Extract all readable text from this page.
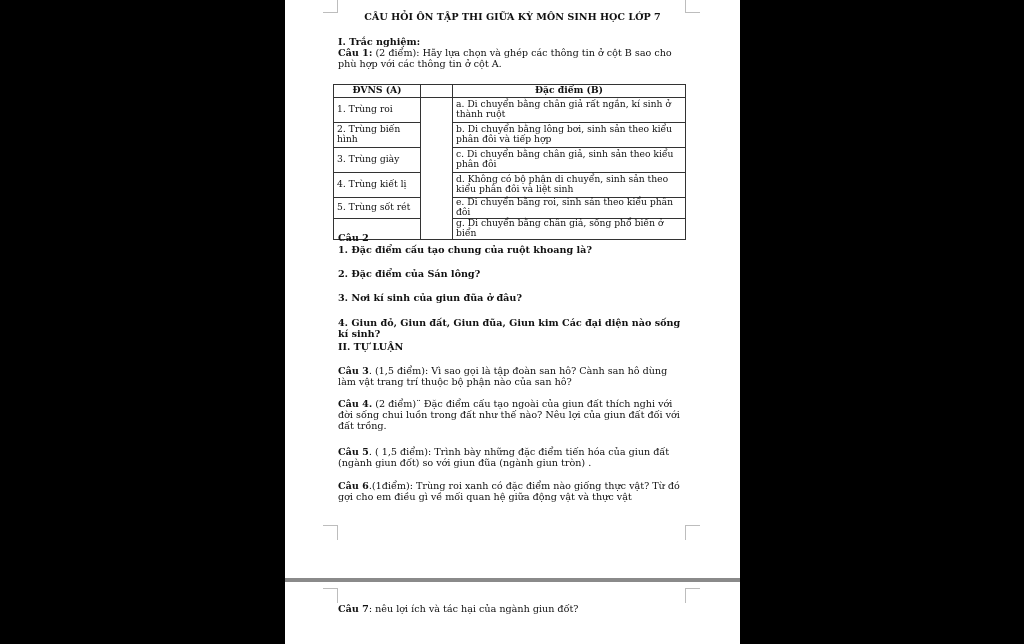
CÂU HỎI ÔN TẬP THI GIỮA KỲ MÔN SINH HỌC LỚP 7
I. Trắc nghiệm:
Câu 1: (2 điểm): Hãy lựa chọn và ghép các thông tin ở cột B sao cho phù hợp với các thông tin ở cột A.
ĐVNS (A)		Đặc điểm (B)
1. Trùng roi		a. Di chuyển bằng chân giả rất ngắn, kí sinh ở thành ruột
2. Trùng biến hình		b. Di chuyển bằng lông bơi, sinh sản theo kiểu phân đôi và tiếp hợp
3. Trùng giày		c. Di chuyển bằng chân giả, sinh sản theo kiểu phân đôi
4. Trùng kiết lị		d. Không có bộ phận di chuyển, sinh sản theo kiểu phân đôi và liệt sinh
5. Trùng sốt rét		e. Di chuyển bằng roi, sinh sản theo kiểu phân đôi
		g. Di chuyển bằng chân giả, sống phổ biến ở biển
Câu 2
1. Đặc điểm cấu tạo chung của ruột khoang là?
2. Đặc điểm của Sán lông?
3. Nơi kí sinh của giun đũa ở đâu?
4. Giun đỏ, Giun đất, Giun đũa, Giun kim Các đại diện nào sống kí sinh?
II. TỰ LUẬN
Câu 3. (1,5 điểm): Vì sao gọi là tập đoàn san hô? Cành san hô dùng làm vật trang trí thuộc bộ phận nào của san hô?
Câu 4. (2 điểm)¨ Đặc điểm cấu tạo ngoài của giun đất thích nghi với đời sống chui luồn trong đất như thế nào? Nêu lợi của giun đất đối với đất trồng.
Câu 5. ( 1,5 điểm): Trình bày những đặc điểm tiến hóa của giun đất (ngành giun đốt) so với giun đũa (ngành giun tròn) .
Câu 6.(1điểm): Trùng roi xanh có đặc điểm nào giống thực vật? Từ đó gợi cho em điều gì về mối quan hệ giữa động vật và thực vật
Câu 7: nêu lợi ích và tác hại của ngành giun đốt?
